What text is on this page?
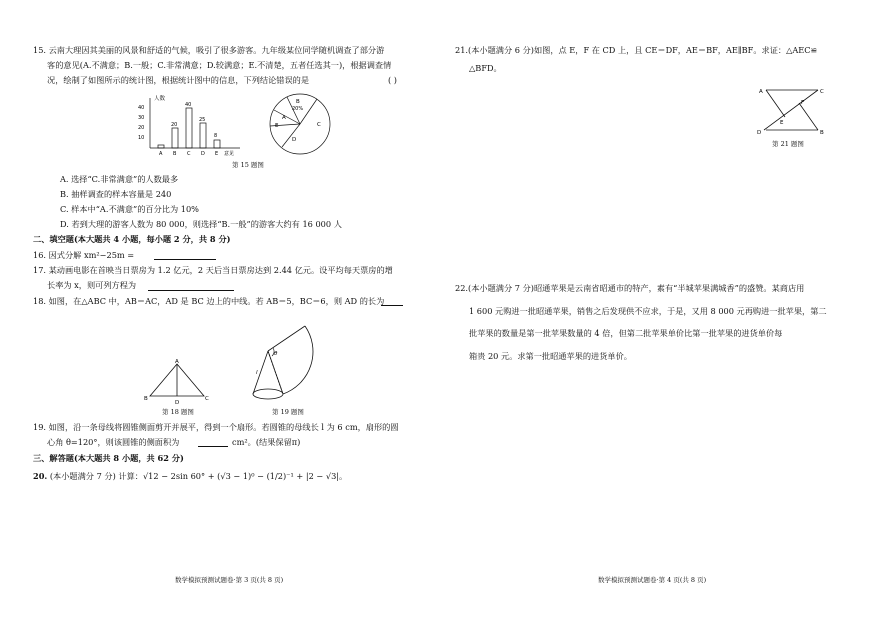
15. 云南大理因其美丽的风景和舒适的气候，吸引了很多游客。九年级某位同学随机调查了部分游
客的意见(A.不满意；B.一般；C.非常满意；D.较满意；E.不清楚，五者任选其一)，根据调查情
况，绘制了如图所示的统计图，根据统计图中的信息，下列结论错误的是	( )
人数
40
30
20
10
A B C D E 意见
20
40
25
8
B
20%
C
A
E
D
第 15 题图
A. 选择“C.非常满意”的人数最多
B. 抽样调查的样本容量是 240
C. 样本中“A.不满意”的百分比为 10%
D. 若到大理的游客人数为 80 000，则选择“B.一般”的游客大约有 16 000 人
二、填空题(本大题共 4 小题，每小题 2 分，共 8 分)
16. 因式分解 xm²−25m =
17. 某动画电影在首映当日票房为 1.2 亿元，2 天后当日票房达到 2.44 亿元。设平均每天票房的增
长率为 x，则可列方程为
18. 如图，在△ABC 中，AB＝AC，AD 是 BC 边上的中线。若 AB＝5，BC＝6，则 AD 的长为
A
B	C
D
第 18 题图
θ
l
第 19 题图
19. 如图，沿一条母线将圆锥侧面剪开并展平，得到一个扇形。若圆锥的母线长 l 为 6 cm，扇形的圆
心角 θ=120°，则该圆锥的侧面积为	cm²。(结果保留π)
三、解答题(本大题共 8 小题，共 62 分)
20. (本小题满分 7 分) 计算：√12 − 2sin 60° + (√3 − 1)⁰ − (1/2)⁻¹ + |2 − √3|。
数学模拟预测试题卷·第 3 页(共 8 页)
21.(本小题满分 6 分)如图，点 E，F 在 CD 上，且 CE＝DF，AE＝BF，AE∥BF。求证：△AEC≌
△BFD。
A	C
D	B
E
F
第 21 题图
22.(本小题满分 7 分)昭通苹果是云南省昭通市的特产，素有“半城苹果满城香”的盛赞。某商店用
1 600 元购进一批昭通苹果，销售之后发现供不应求，于是，又用 8 000 元再购进一批苹果，第二
批苹果的数量是第一批苹果数量的 4 倍，但第二批苹果单价比第一批苹果的进货单价每
箱贵 20 元。求第一批昭通苹果的进货单价。
数学模拟预测试题卷·第 4 页(共 8 页)
